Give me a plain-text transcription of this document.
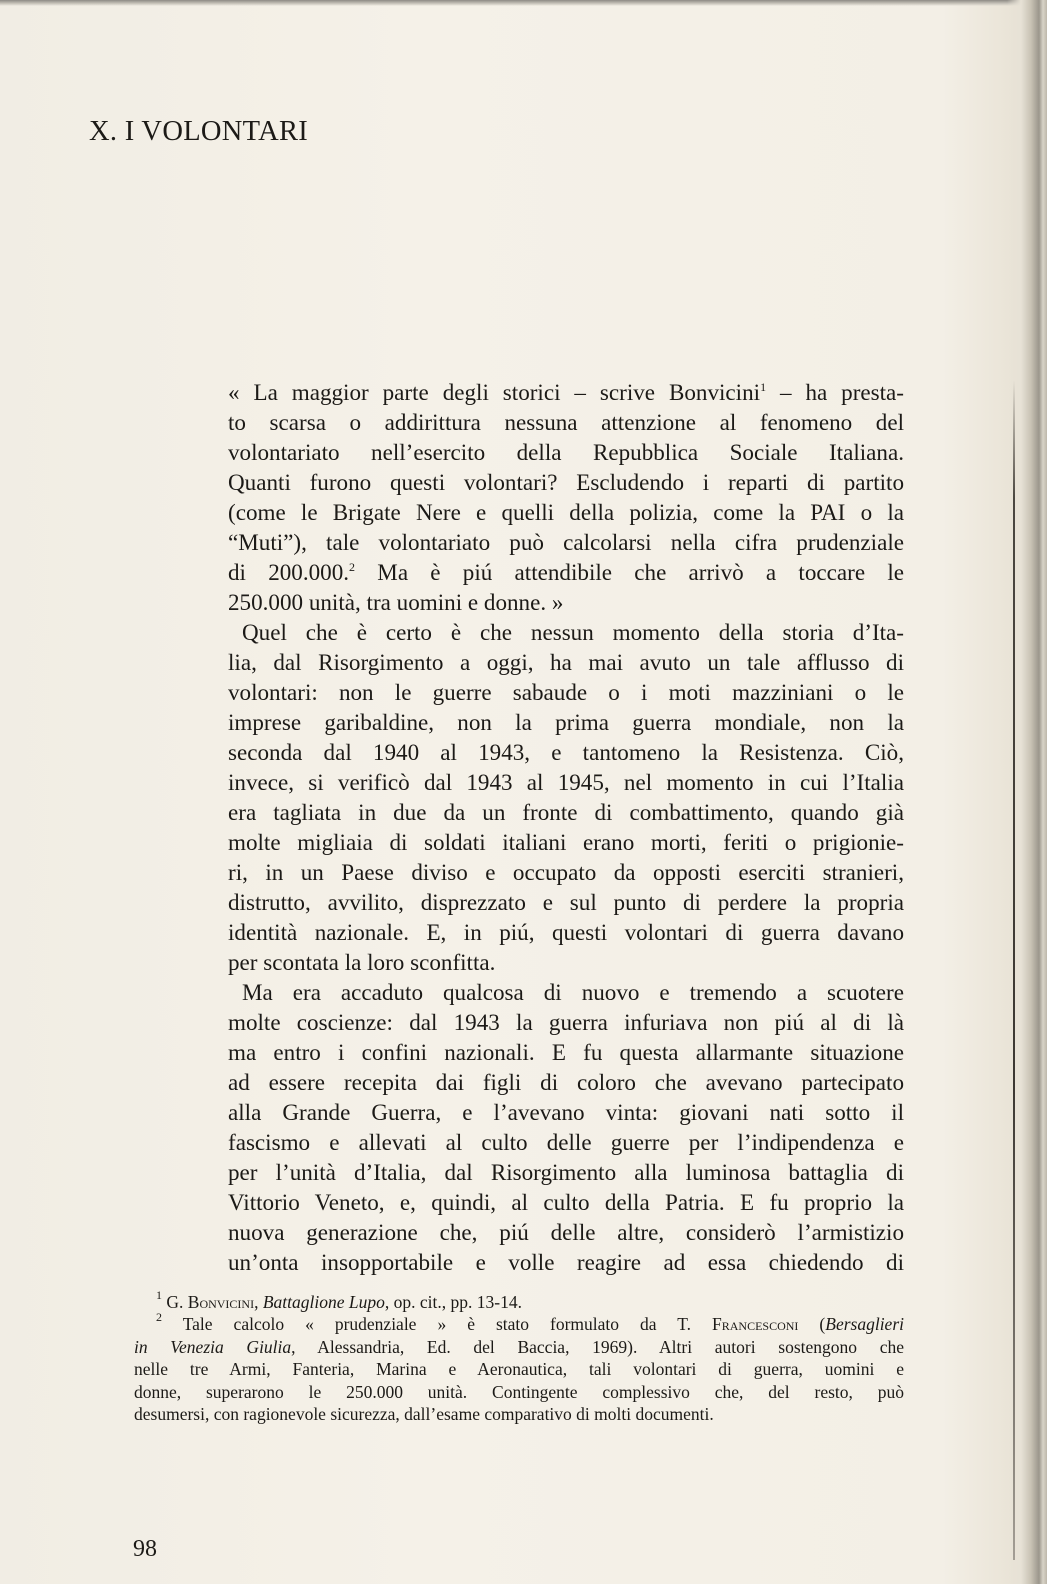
X. I VOLONTARI
« La maggior parte degli storici – scrive Bonvicini$^1$ – ha presta-
to scarsa o addirittura nessuna attenzione al fenomeno del
volontariato nell’esercito della Repubblica Sociale Italiana.
Quanti furono questi volontari? Escludendo i reparti di partito
(come le Brigate Nere e quelli della polizia, come la PAI o la
“Muti”), tale volontariato può calcolarsi nella cifra prudenziale
di 200.000.$^2$ Ma è piú attendibile che arrivò a toccare le
250.000 unità, tra uomini e donne. »
Quel che è certo è che nessun momento della storia d’Ita-
lia, dal Risorgimento a oggi, ha mai avuto un tale afflusso di
volontari: non le guerre sabaude o i moti mazziniani o le
imprese garibaldine, non la prima guerra mondiale, non la
seconda dal 1940 al 1943, e tantomeno la Resistenza. Ciò,
invece, si verificò dal 1943 al 1945, nel momento in cui l’Italia
era tagliata in due da un fronte di combattimento, quando già
molte migliaia di soldati italiani erano morti, feriti o prigionie-
ri, in un Paese diviso e occupato da opposti eserciti stranieri,
distrutto, avvilito, disprezzato e sul punto di perdere la propria
identità nazionale. E, in piú, questi volontari di guerra davano
per scontata la loro sconfitta.
Ma era accaduto qualcosa di nuovo e tremendo a scuotere
molte coscienze: dal 1943 la guerra infuriava non piú al di là
ma entro i confini nazionali. E fu questa allarmante situazione
ad essere recepita dai figli di coloro che avevano partecipato
alla Grande Guerra, e l’avevano vinta: giovani nati sotto il
fascismo e allevati al culto delle guerre per l’indipendenza e
per l’unità d’Italia, dal Risorgimento alla luminosa battaglia di
Vittorio Veneto, e, quindi, al culto della Patria. E fu proprio la
nuova generazione che, piú delle altre, considerò l’armistizio
un’onta insopportabile e volle reagire ad essa chiedendo di
$^1$ G. Bonvicini, Battaglione Lupo, op. cit., pp. 13-14.
$^2$ Tale calcolo « prudenziale » è stato formulato da T. Francesconi (Bersaglieri
in Venezia Giulia, Alessandria, Ed. del Baccia, 1969). Altri autori sostengono che
nelle tre Armi, Fanteria, Marina e Aeronautica, tali volontari di guerra, uomini e
donne, superarono le 250.000 unità. Contingente complessivo che, del resto, può
desumersi, con ragionevole sicurezza, dall’esame comparativo di molti documenti.

98
